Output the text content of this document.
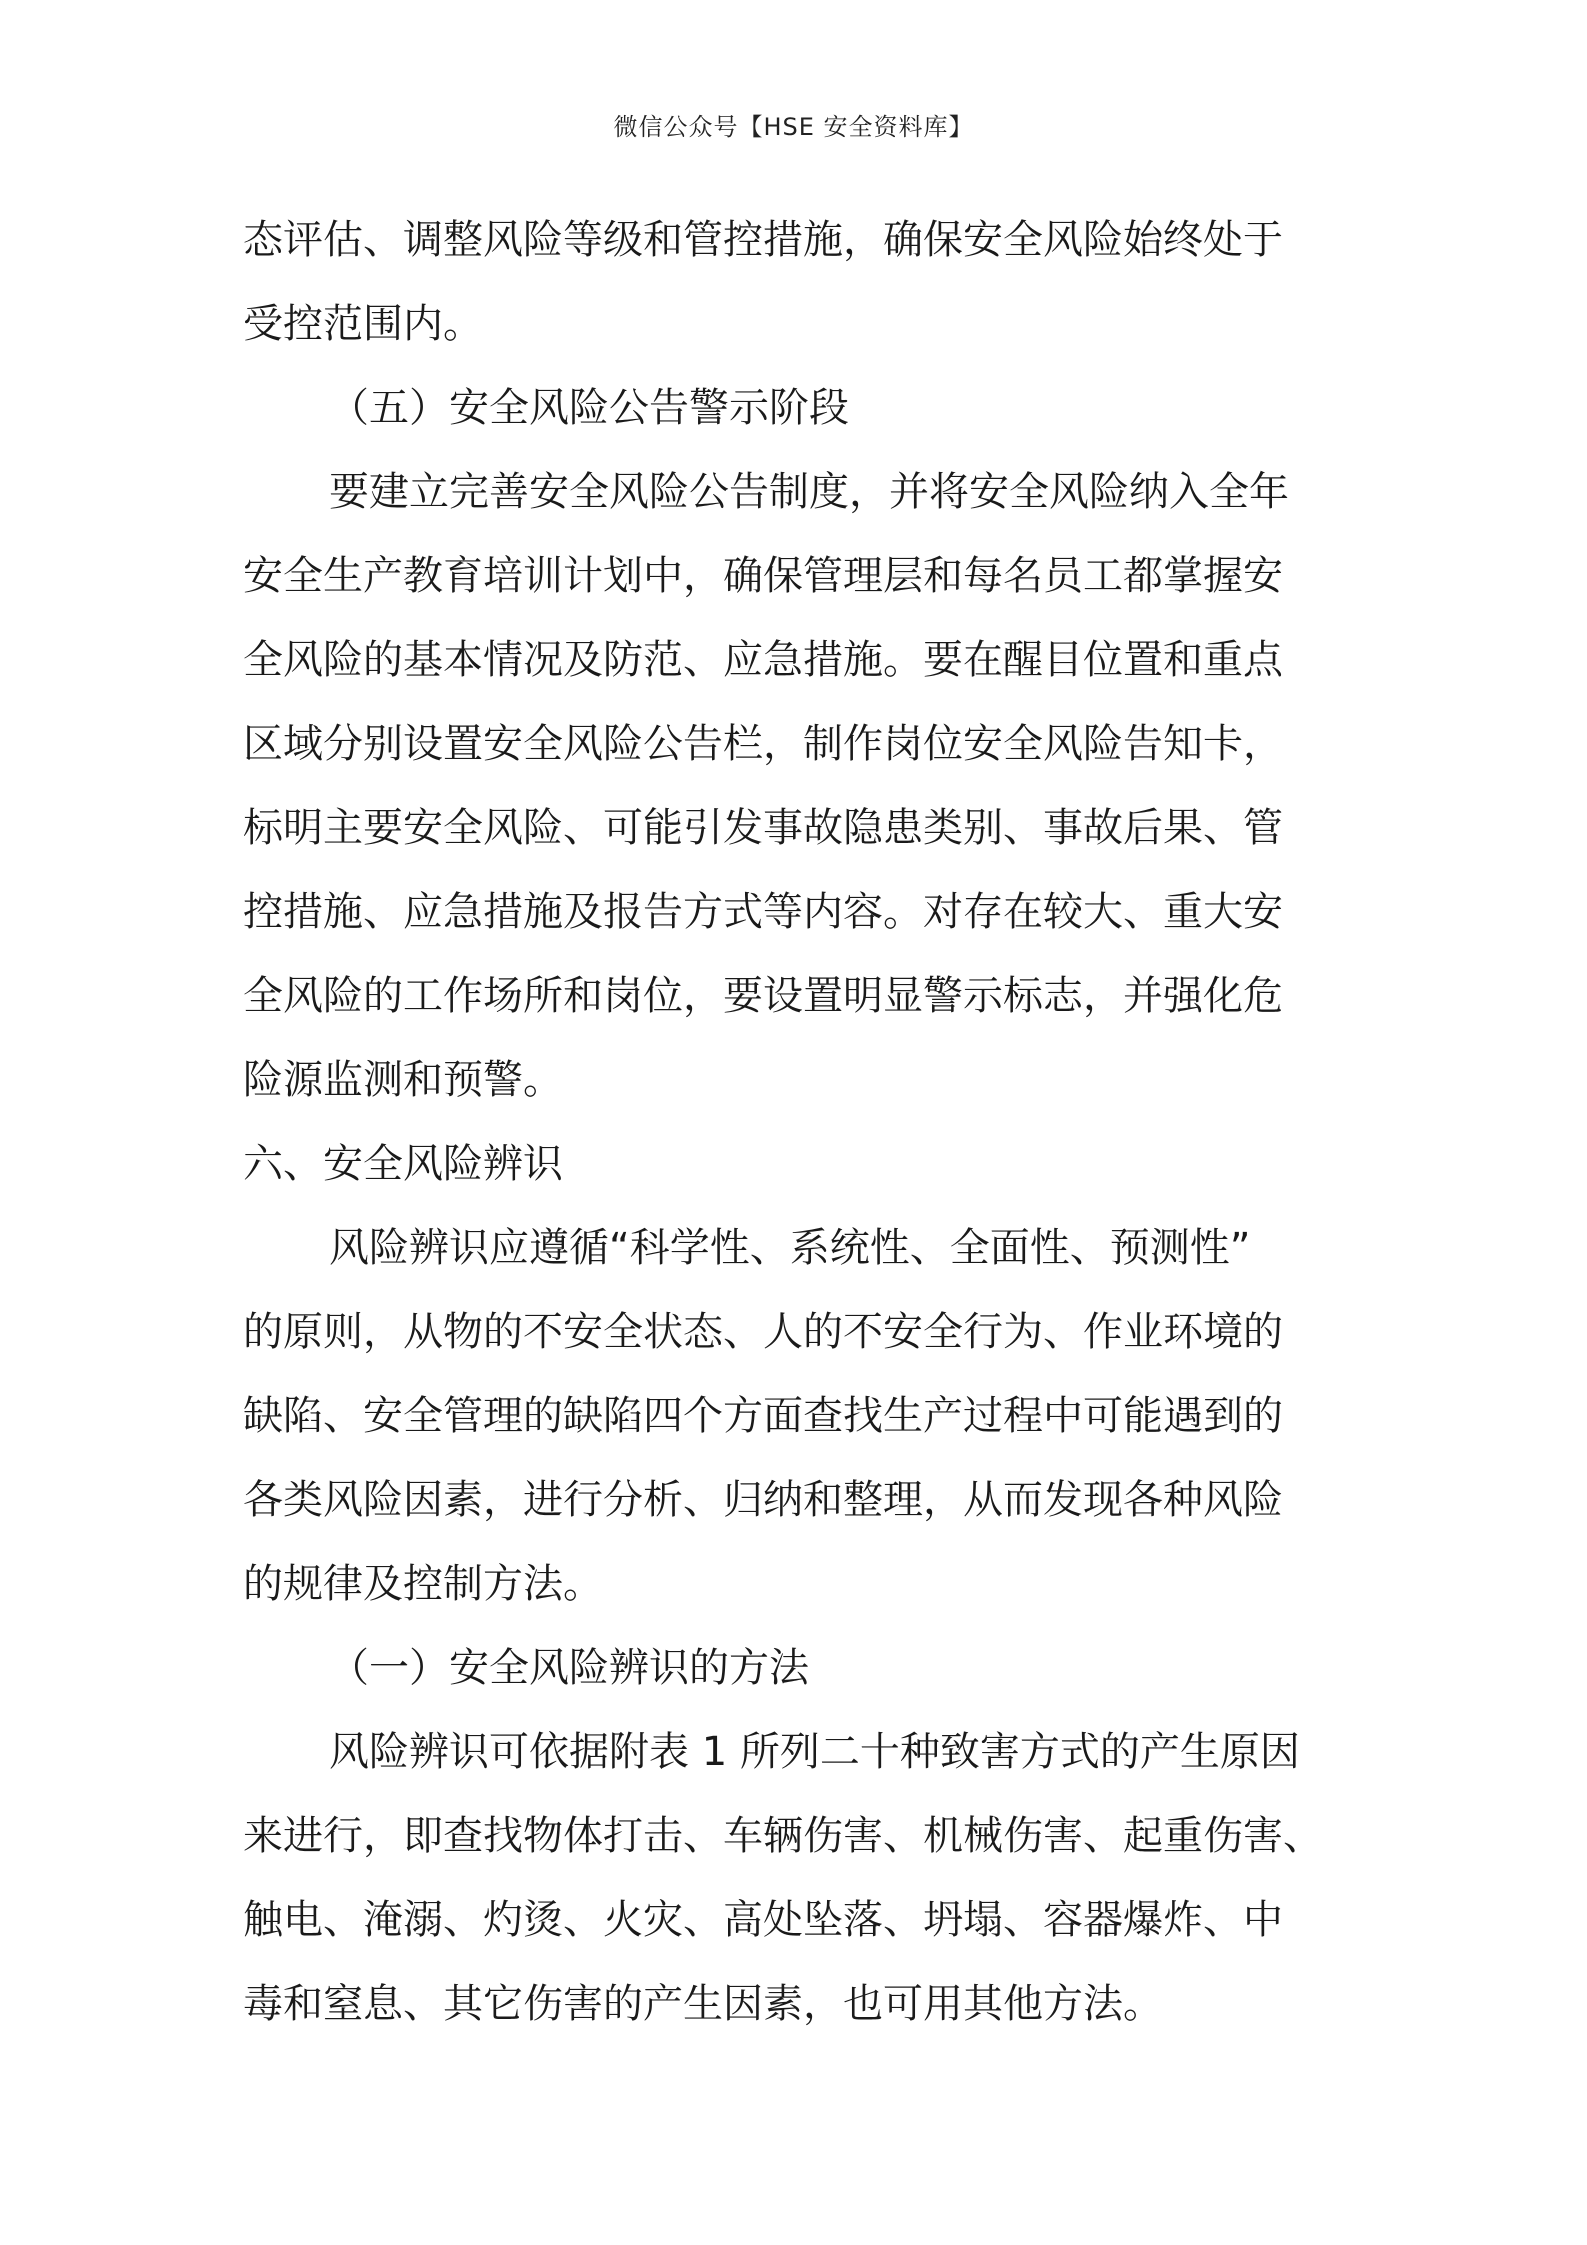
微信公众号【HSE 安全资料库】
态评估、调整风险等级和管控措施，确保安全风险始终处于
受控范围内。
（五）安全风险公告警示阶段
要建立完善安全风险公告制度，并将安全风险纳入全年
安全生产教育培训计划中，确保管理层和每名员工都掌握安
全风险的基本情况及防范、应急措施。要在醒目位置和重点
区域分别设置安全风险公告栏，制作岗位安全风险告知卡，
标明主要安全风险、可能引发事故隐患类别、事故后果、管
控措施、应急措施及报告方式等内容。对存在较大、重大安
全风险的工作场所和岗位，要设置明显警示标志，并强化危
险源监测和预警。
六、安全风险辨识
风险辨识应遵循“科学性、系统性、全面性、预测性”
的原则，从物的不安全状态、人的不安全行为、作业环境的
缺陷、安全管理的缺陷四个方面查找生产过程中可能遇到的
各类风险因素，进行分析、归纳和整理，从而发现各种风险
的规律及控制方法。
（一）安全风险辨识的方法
风险辨识可依据附表 1 所列二十种致害方式的产生原因
来进行，即查找物体打击、车辆伤害、机械伤害、起重伤害、
触电、淹溺、灼烫、火灾、高处坠落、坍塌、容器爆炸、中
毒和窒息、其它伤害的产生因素，也可用其他方法。
